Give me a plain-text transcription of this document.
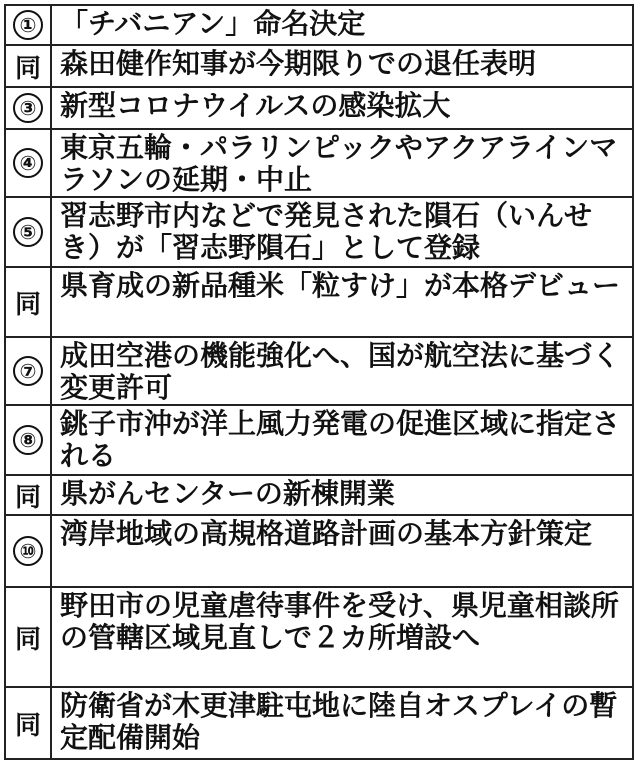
① 「チバニアン」命名決定
同 森田健作知事が今期限りでの退任表明
③ 新型コロナウイルスの感染拡大
④ 東京五輪・パラリンピックやアクアラインマラソンの延期・中止
⑤ 習志野市内などで発見された隕石（いんせき）が「習志野隕石」として登録
同
県育成の新品種米「粒すけ」が本格デビュー
⑦ 成田空港の機能強化へ、国が航空法に基づく変更許可
⑧ 銚子市沖が洋上風力発電の促進区域に指定される
同 県がんセンターの新棟開業
⑩
湾岸地域の高規格道路計画の基本方針策定
同
野田市の児童虐待事件を受け、県児童相談所の管轄区域見直しで２カ所増設へ
同
防衛省が木更津駐屯地に陸自オスプレイの暫定配備開始
